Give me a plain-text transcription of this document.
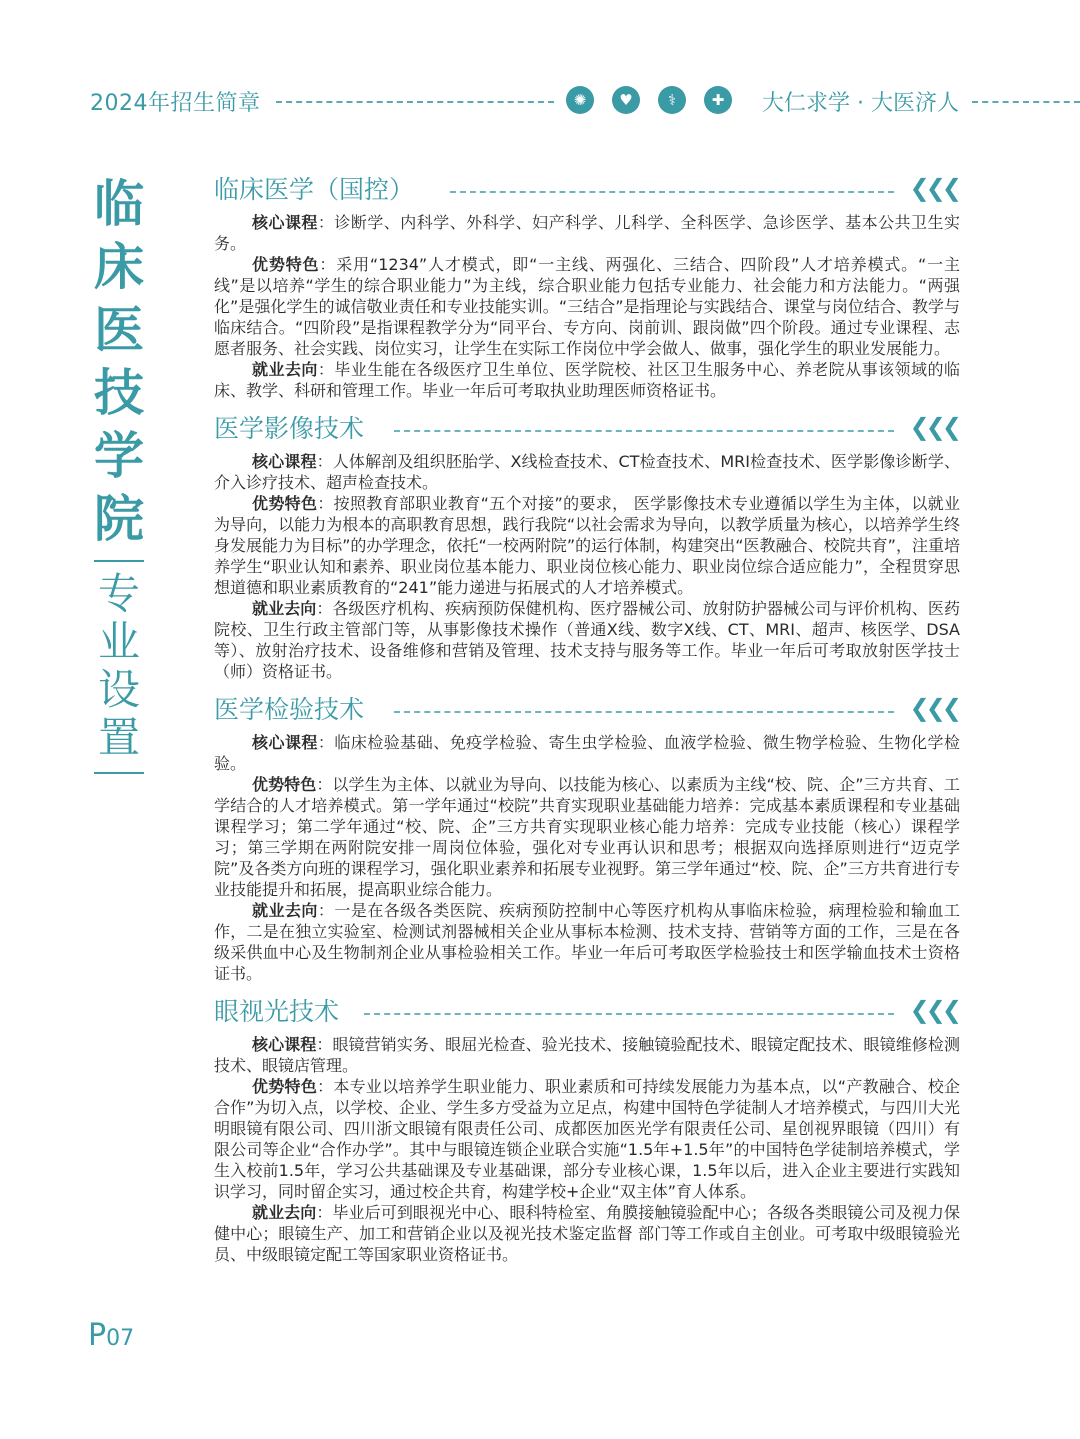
2024年招生简章	✺	♥	⚕	✚	大仁求学 · 大医济人
临
床
医
技
学
院
专
业
设
置
临床医学（国控）	❮❮❮

核心课程：诊断学、内科学、外科学、妇产科学、儿科学、全科医学、急诊医学、基本公共卫生实务。

优势特色：采用“1234”人才模式，即“一主线、两强化、三结合、四阶段”人才培养模式。“一主线”是以培养“学生的综合职业能力”为主线，综合职业能力包括专业能力、社会能力和方法能力。“两强化”是强化学生的诚信敬业责任和专业技能实训。“三结合”是指理论与实践结合、课堂与岗位结合、教学与临床结合。“四阶段”是指课程教学分为“同平台、专方向、岗前训、跟岗做”四个阶段。通过专业课程、志愿者服务、社会实践、岗位实习，让学生在实际工作岗位中学会做人、做事，强化学生的职业发展能力。

就业去向：毕业生能在各级医疗卫生单位、医学院校、社区卫生服务中心、养老院从事该领域的临床、教学、科研和管理工作。毕业一年后可考取执业助理医师资格证书。

医学影像技术	❮❮❮

核心课程：人体解剖及组织胚胎学、X线检查技术、CT检查技术、MRI检查技术、医学影像诊断学、介入诊疗技术、超声检查技术。

优势特色：按照教育部职业教育“五个对接”的要求， 医学影像技术专业遵循以学生为主体，以就业为导向，以能力为根本的高职教育思想，践行我院“以社会需求为导向，以教学质量为核心，以培养学生终身发展能力为目标”的办学理念，依托“一校两附院”的运行体制，构建突出“医教融合、校院共育”，注重培养学生“职业认知和素养、职业岗位基本能力、职业岗位核心能力、职业岗位综合适应能力”，全程贯穿思想道德和职业素质教育的“241”能力递进与拓展式的人才培养模式。

就业去向：各级医疗机构、疾病预防保健机构、医疗器械公司、放射防护器械公司与评价机构、医药院校、卫生行政主管部门等，从事影像技术操作（普通X线、数字X线、CT、MRI、超声、核医学、DSA等）、放射治疗技术、设备维修和营销及管理、技术支持与服务等工作。毕业一年后可考取放射医学技士（师）资格证书。

医学检验技术	❮❮❮

核心课程：临床检验基础、免疫学检验、寄生虫学检验、血液学检验、微生物学检验、生物化学检验。

优势特色：以学生为主体、以就业为导向、以技能为核心、以素质为主线“校、院、企”三方共育、工学结合的人才培养模式。第一学年通过“校院”共育实现职业基础能力培养：完成基本素质课程和专业基础课程学习；第二学年通过“校、院、企”三方共育实现职业核心能力培养：完成专业技能（核心）课程学习；第三学期在两附院安排一周岗位体验，强化对专业再认识和思考；根据双向选择原则进行“迈克学院”及各类方向班的课程学习，强化职业素养和拓展专业视野。第三学年通过“校、院、企”三方共育进行专业技能提升和拓展，提高职业综合能力。

就业去向：一是在各级各类医院、疾病预防控制中心等医疗机构从事临床检验，病理检验和输血工作，二是在独立实验室、检测试剂器械相关企业从事标本检测、技术支持、营销等方面的工作，三是在各级采供血中心及生物制剂企业从事检验相关工作。毕业一年后可考取医学检验技士和医学输血技术士资格证书。

眼视光技术	❮❮❮

核心课程：眼镜营销实务、眼屈光检查、验光技术、接触镜验配技术、眼镜定配技术、眼镜维修检测技术、眼镜店管理。

优势特色：本专业以培养学生职业能力、职业素质和可持续发展能力为基本点，以“产教融合、校企合作”为切入点，以学校、企业、学生多方受益为立足点，构建中国特色学徒制人才培养模式，与四川大光明眼镜有限公司、四川浙文眼镜有限责任公司、成都医加医光学有限责任公司、星创视界眼镜（四川）有限公司等企业“合作办学”。其中与眼镜连锁企业联合实施“1.5年+1.5年”的中国特色学徒制培养模式，学生入校前1.5年，学习公共基础课及专业基础课，部分专业核心课，1.5年以后，进入企业主要进行实践知识学习，同时留企实习，通过校企共育，构建学校+企业“双主体”育人体系。

就业去向：毕业后可到眼视光中心、眼科特检室、角膜接触镜验配中心；各级各类眼镜公司及视力保健中心；眼镜生产、加工和营销企业以及视光技术鉴定监督 部门等工作或自主创业。可考取中级眼镜验光员、中级眼镜定配工等国家职业资格证书。

P07
